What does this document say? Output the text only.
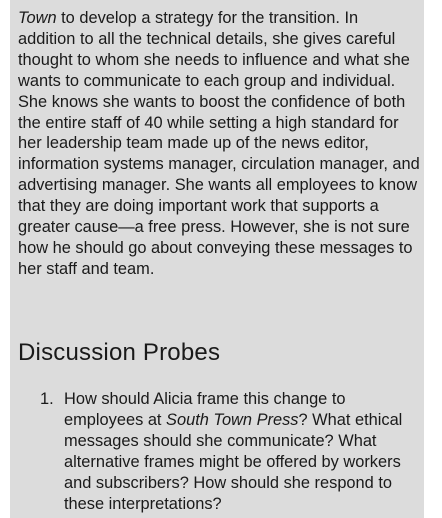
Town to develop a strategy for the transition. In addition to all the technical details, she gives careful thought to whom she needs to influence and what she wants to communicate to each group and individual. She knows she wants to boost the confidence of both the entire staff of 40 while setting a high standard for her leadership team made up of the news editor, information systems manager, circulation manager, and advertising manager. She wants all employees to know that they are doing important work that supports a greater cause—a free press. However, she is not sure how he should go about conveying these messages to her staff and team.

Discussion Probes
1. How should Alicia frame this change to employees at South Town Press? What ethical messages should she communicate? What alternative frames might be offered by workers and subscribers? How should she respond to these interpretations?
